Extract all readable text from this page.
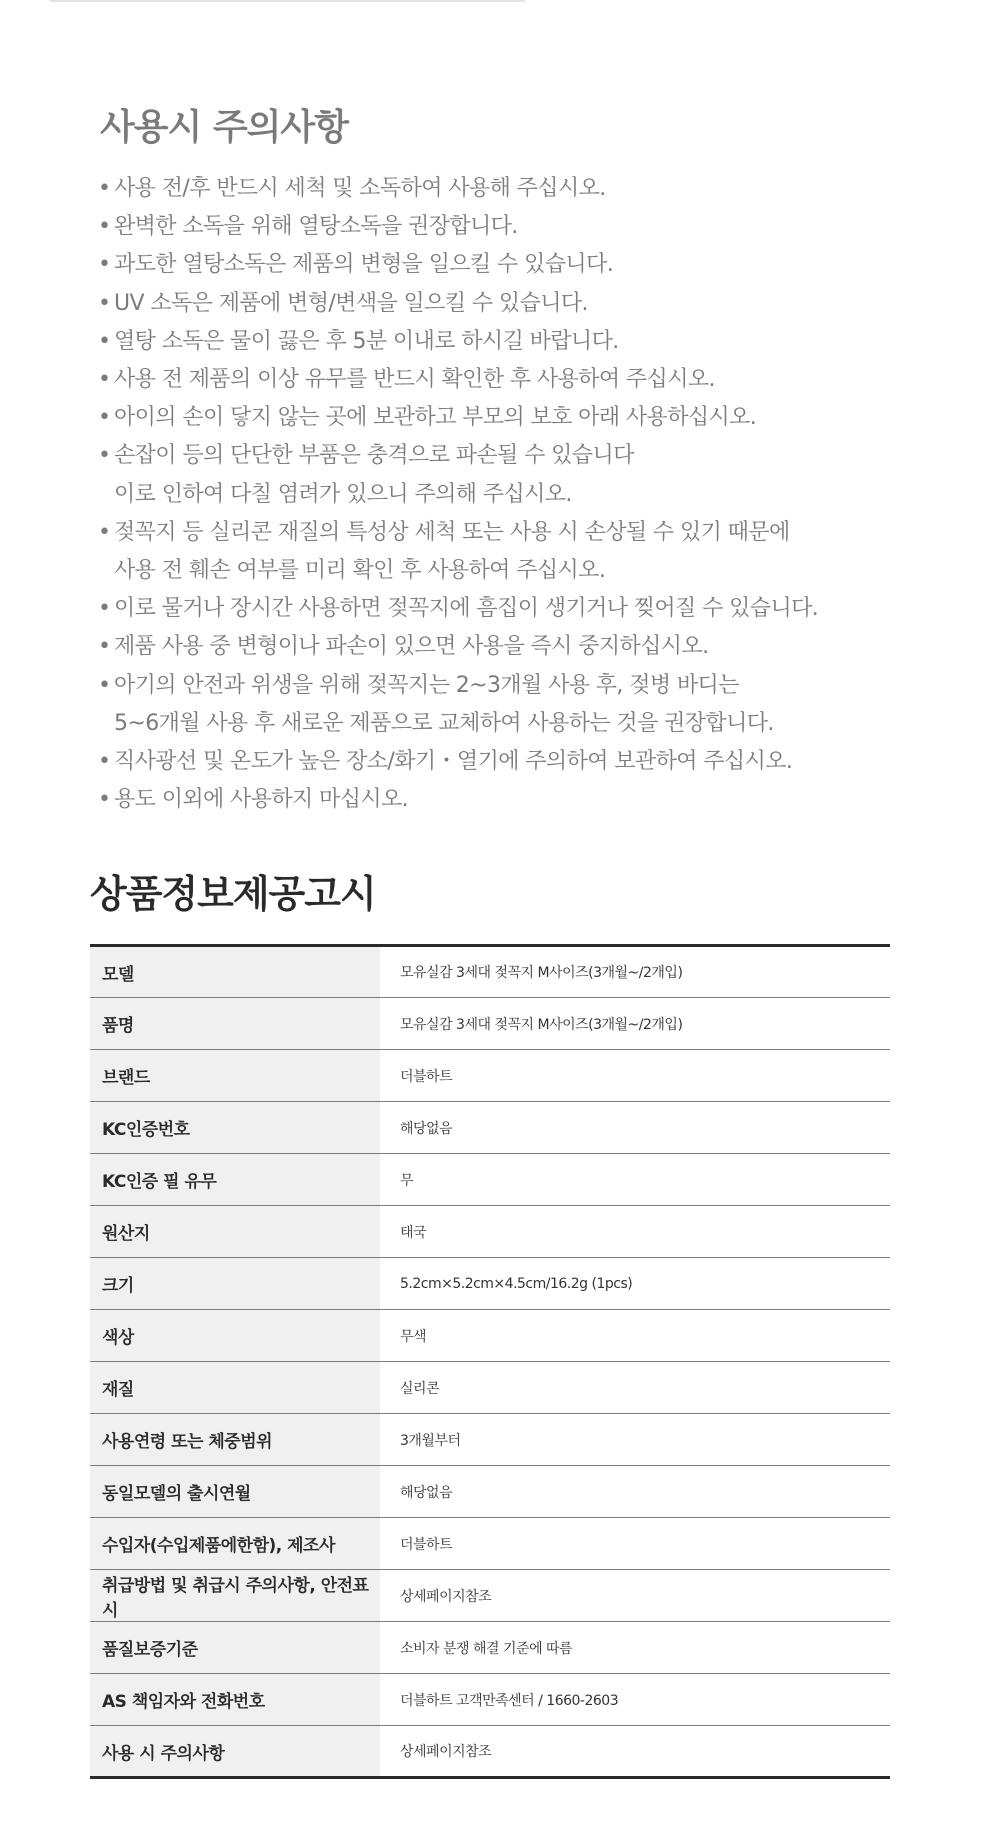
사용시 주의사항
• 사용 전/후 반드시 세척 및 소독하여 사용해 주십시오.
• 완벽한 소독을 위해 열탕소독을 권장합니다.
• 과도한 열탕소독은 제품의 변형을 일으킬 수 있습니다.
• UV 소독은 제품에 변형/변색을 일으킬 수 있습니다.
• 열탕 소독은 물이 끓은 후 5분 이내로 하시길 바랍니다.
• 사용 전 제품의 이상 유무를 반드시 확인한 후 사용하여 주십시오.
• 아이의 손이 닿지 않는 곳에 보관하고 부모의 보호 아래 사용하십시오.
• 손잡이 등의 단단한 부품은 충격으로 파손될 수 있습니다
이로 인하여 다칠 염려가 있으니 주의해 주십시오.
• 젖꼭지 등 실리콘 재질의 특성상 세척 또는 사용 시 손상될 수 있기 때문에
사용 전 훼손 여부를 미리 확인 후 사용하여 주십시오.
• 이로 물거나 장시간 사용하면 젖꼭지에 흠집이 생기거나 찢어질 수 있습니다.
• 제품 사용 중 변형이나 파손이 있으면 사용을 즉시 중지하십시오.
• 아기의 안전과 위생을 위해 젖꼭지는 2~3개월 사용 후, 젖병 바디는
5~6개월 사용 후 새로운 제품으로 교체하여 사용하는 것을 권장합니다.
• 직사광선 및 온도가 높은 장소/화기・열기에 주의하여 보관하여 주십시오.
• 용도 이외에 사용하지 마십시오.
상품정보제공고시
모델	모유실감 3세대 젖꼭지 M사이즈(3개월~/2개입)
품명	모유실감 3세대 젖꼭지 M사이즈(3개월~/2개입)
브랜드	더블하트
KC인증번호	해당없음
KC인증 필 유무	무
원산지	태국
크기	5.2cm×5.2cm×4.5cm/16.2g (1pcs)
색상	무색
재질	실리콘
사용연령 또는 체중범위	3개월부터
동일모델의 출시연월	해당없음
수입자(수입제품에한함), 제조사	더블하트
취급방법 및 취급시 주의사항, 안전표시	상세페이지참조
품질보증기준	소비자 분쟁 해결 기준에 따름
AS 책임자와 전화번호	더블하트 고객만족센터 / 1660-2603
사용 시 주의사항	상세페이지참조
